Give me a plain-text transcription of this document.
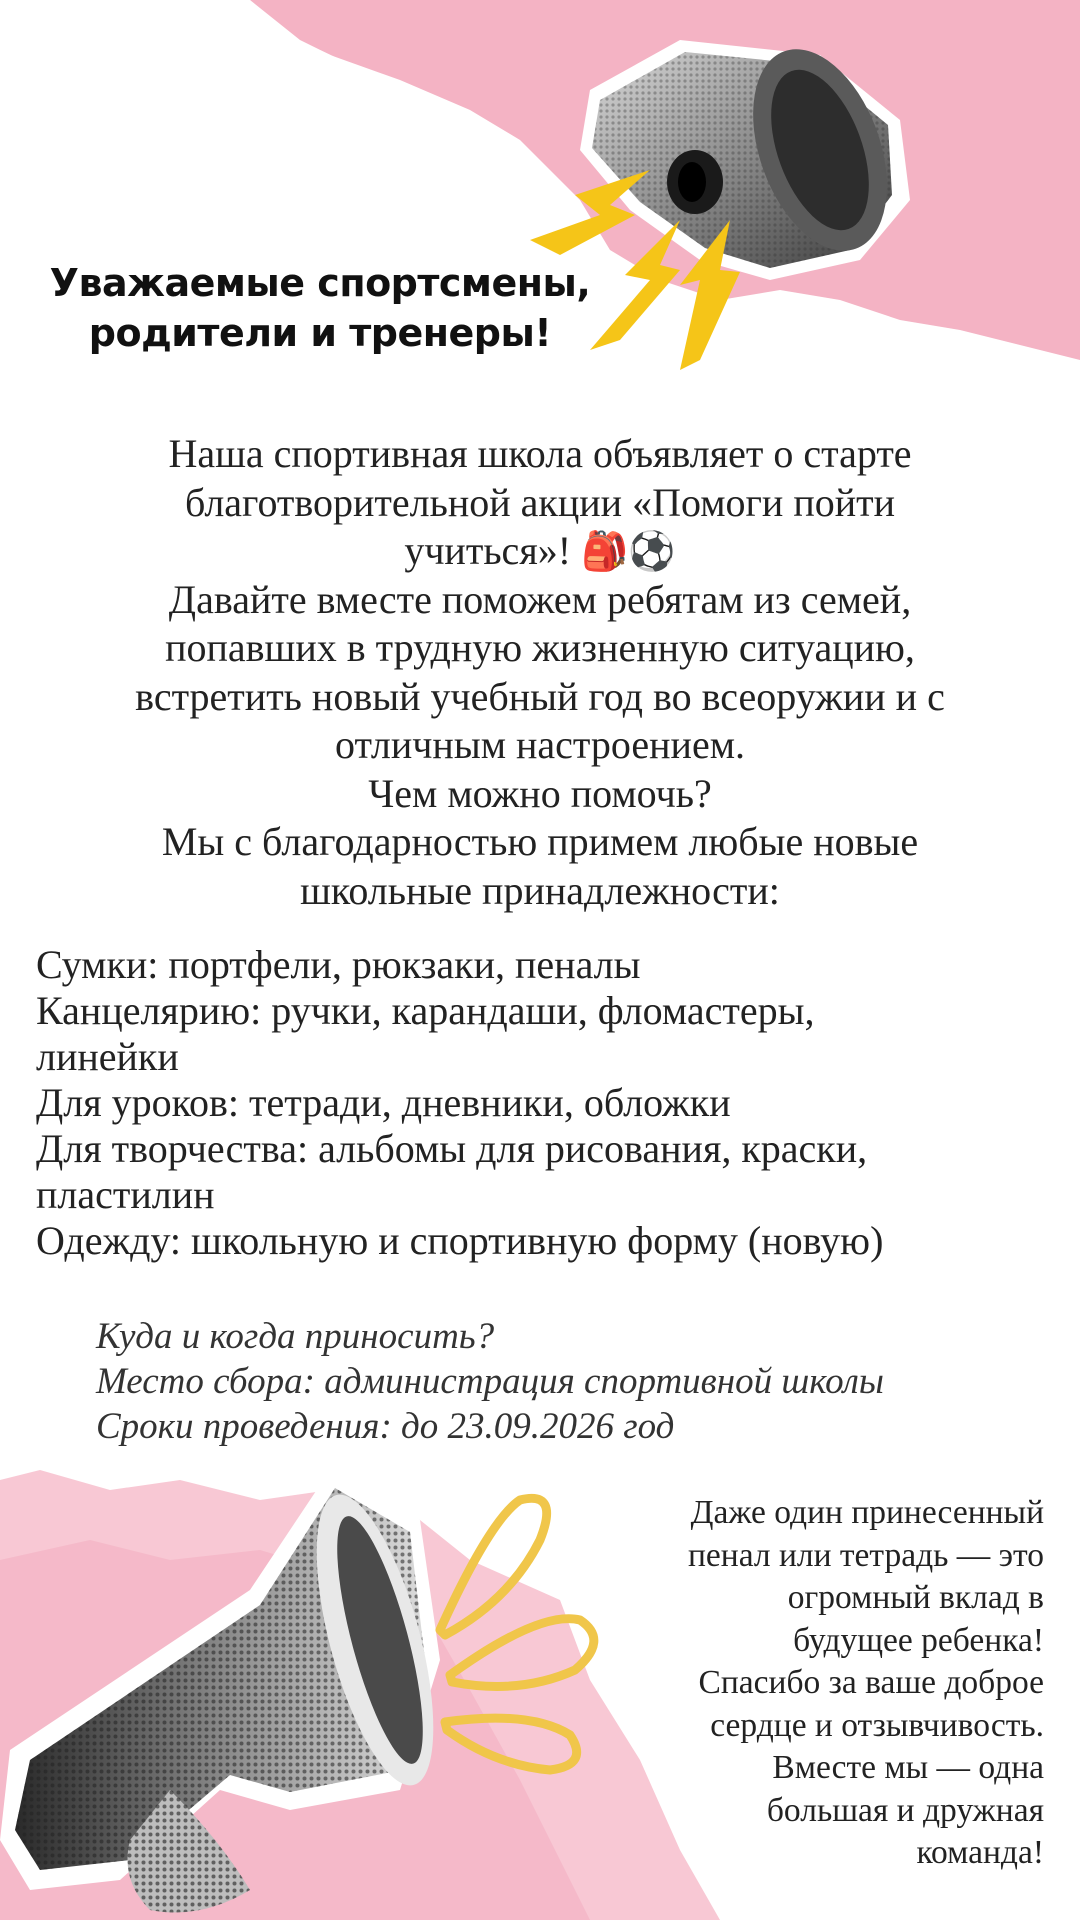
Уважаемые спортсмены,
родители и тренеры!

Наша спортивная школа объявляет о старте

благотворительной акции «Помоги пойти

учиться»! 🎒⚽

Давайте вместе поможем ребятам из семей,

попавших в трудную жизненную ситуацию,

встретить новый учебный год во всеоружии и с

отличным настроением.

Чем можно помочь?

Мы с благодарностью примем любые новые

школьные принадлежности:

Сумки: портфели, рюкзаки, пеналы

Канцелярию: ручки, карандаши, фломастеры,

линейки

Для уроков: тетради, дневники, обложки

Для творчества: альбомы для рисования, краски,

пластилин

Одежду: школьную и спортивную форму (новую)

Куда и когда приносить?

Место сбора: администрация спортивной школы

Сроки проведения: до 23.09.2026 год

Даже один принесенный

пенал или тетрадь — это

огромный вклад в

будущее ребенка!

Спасибо за ваше доброе

сердце и отзывчивость.

Вместе мы — одна

большая и дружная

команда!
